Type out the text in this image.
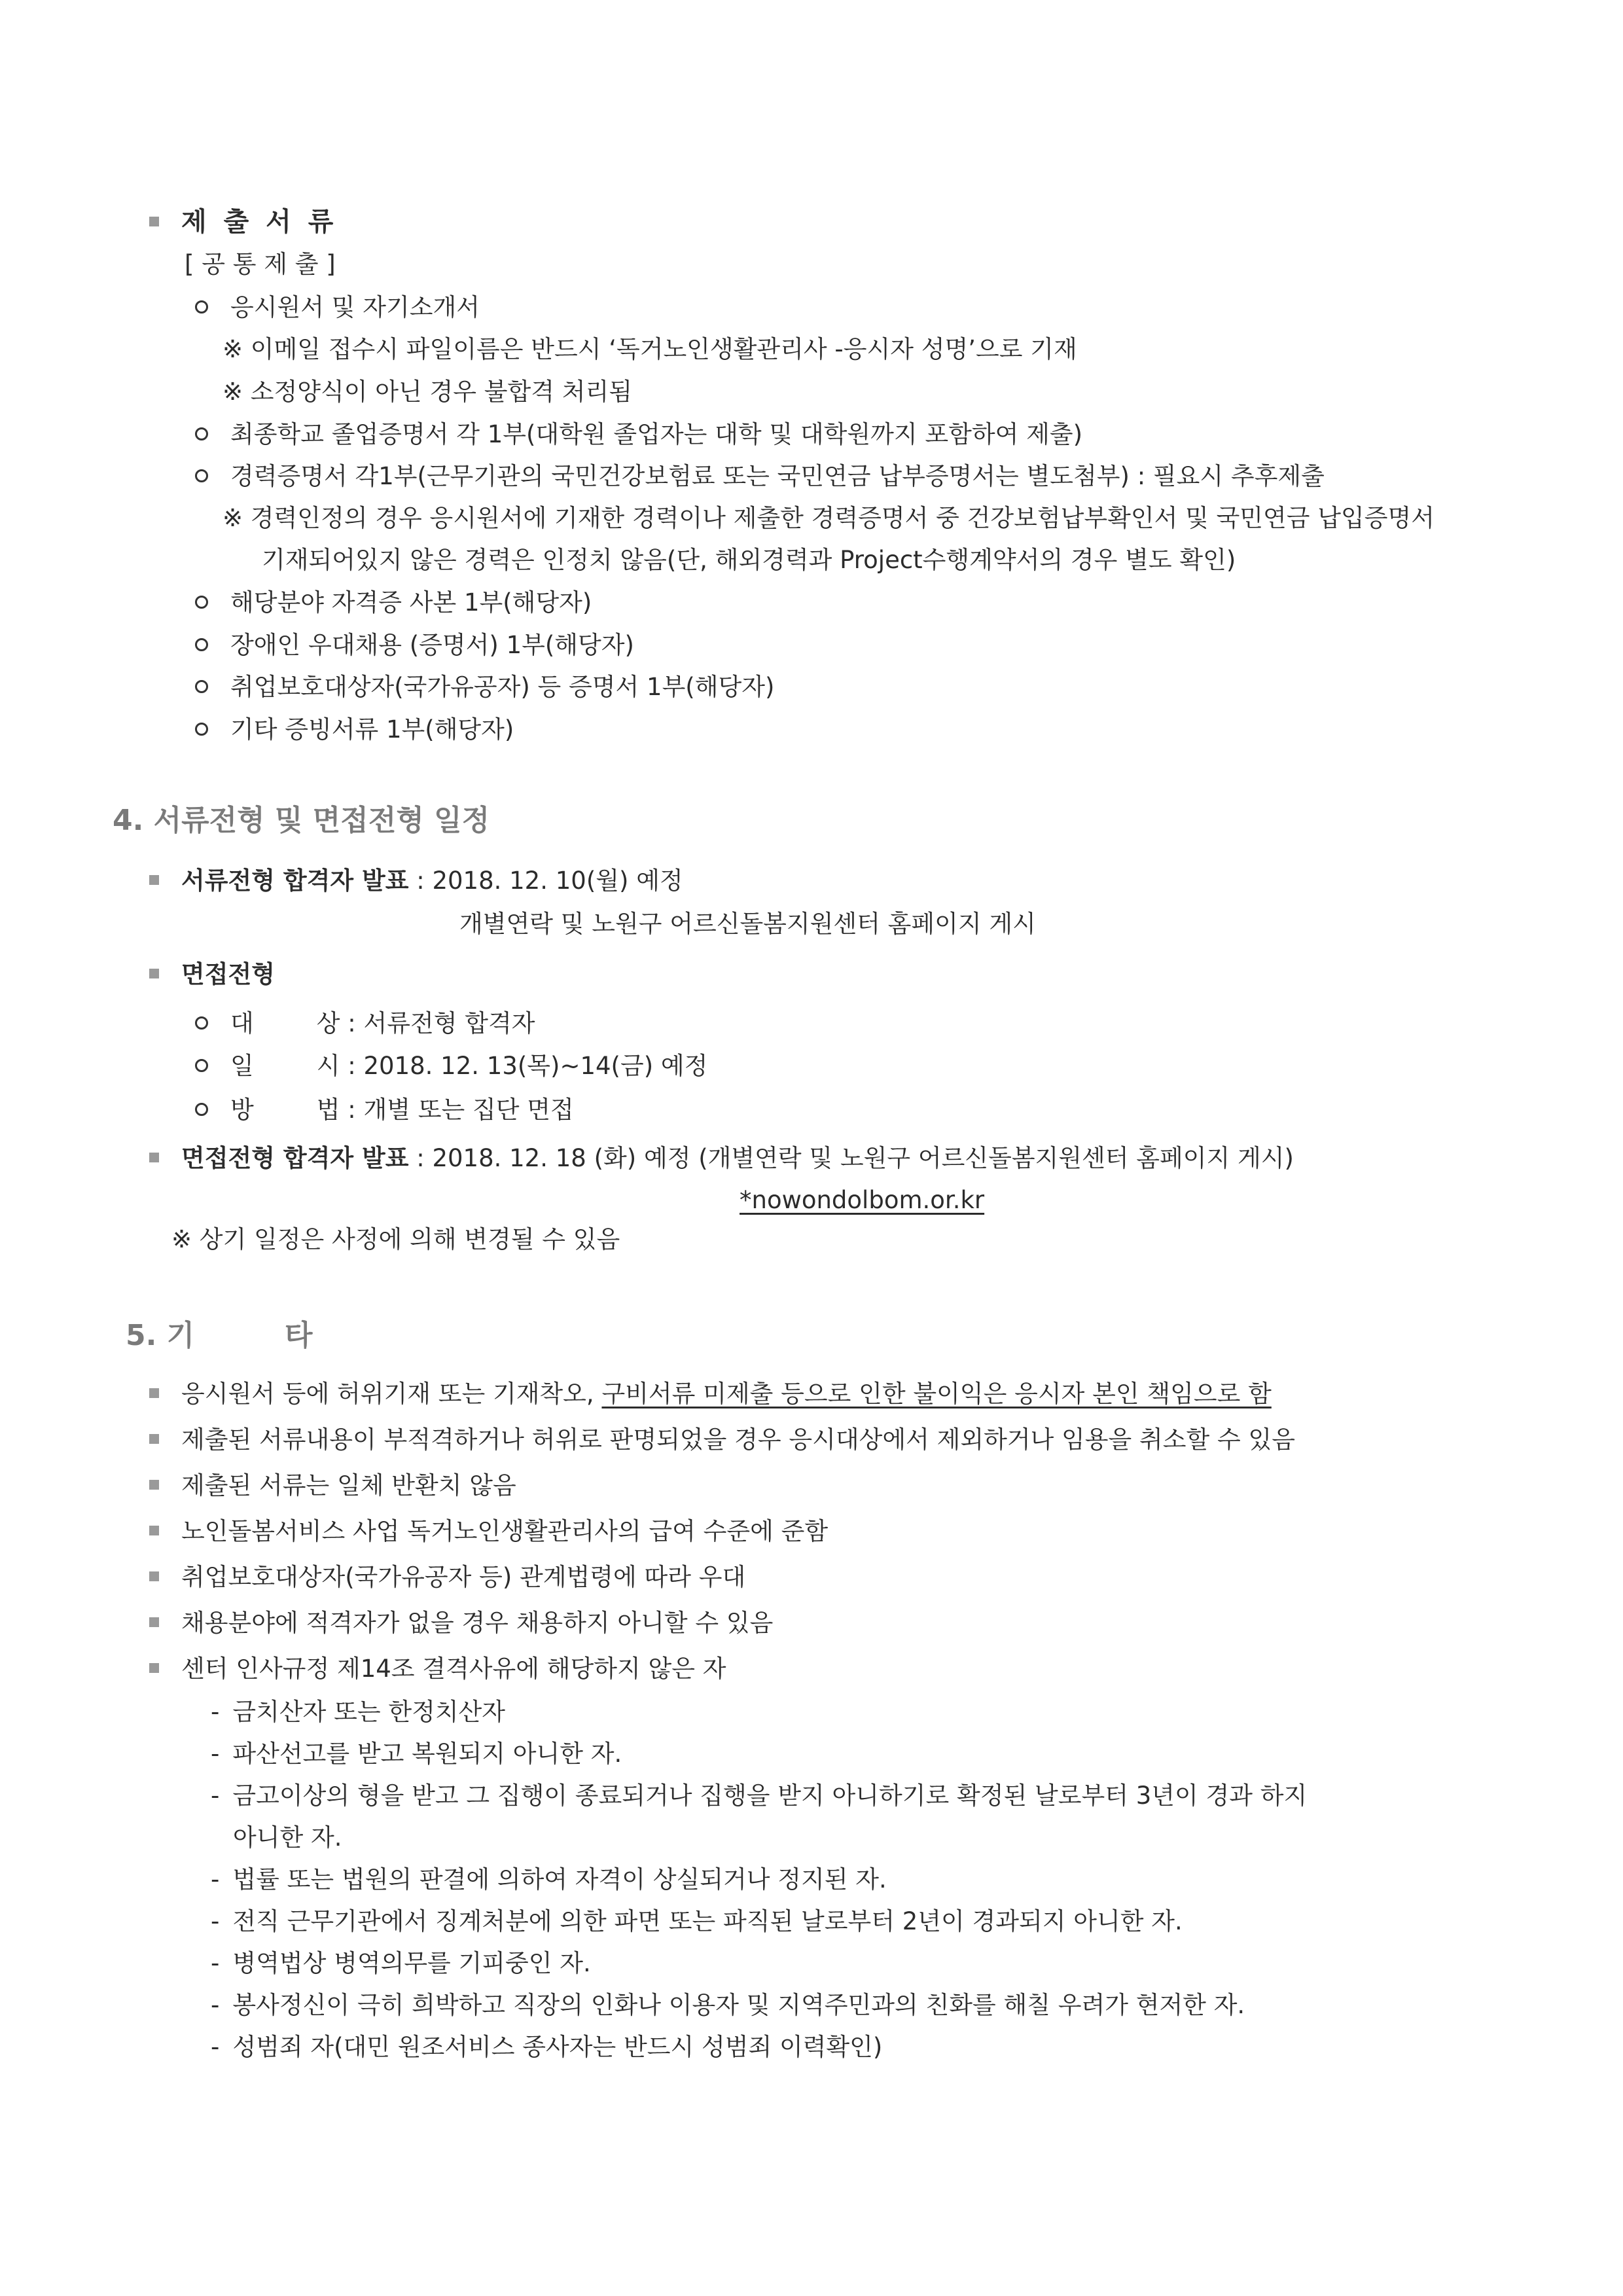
제 출 서 류
[ 공 통 제 출 ]
응시원서 및 자기소개서
※ 이메일 접수시 파일이름은 반드시 ‘독거노인생활관리사 -응시자 성명’으로 기재
※ 소정양식이 아닌 경우 불합격 처리됨
최종학교 졸업증명서 각 1부(대학원 졸업자는 대학 및 대학원까지 포함하여 제출)
경력증명서 각1부(근무기관의 국민건강보험료 또는 국민연금 납부증명서는 별도첨부) : 필요시 추후제출
※ 경력인정의 경우 응시원서에 기재한 경력이나 제출한 경력증명서 중 건강보험납부확인서 및 국민연금 납입증명서
기재되어있지 않은 경력은 인정치 않음(단, 해외경력과 Project수행계약서의 경우 별도 확인)
해당분야 자격증 사본 1부(해당자)
장애인 우대채용 (증명서) 1부(해당자)
취업보호대상자(국가유공자) 등 증명서 1부(해당자)
기타 증빙서류 1부(해당자)
4. 서류전형 및 면접전형 일정
서류전형 합격자 발표 : 2018. 12. 10(월) 예정
개별연락 및 노원구 어르신돌봄지원센터 홈페이지 게시
면접전형
대	상 : 서류전형 합격자
일	시 : 2018. 12. 13(목)~14(금) 예정
방	법 : 개별 또는 집단 면접
면접전형 합격자 발표 : 2018. 12. 18 (화) 예정 (개별연락 및 노원구 어르신돌봄지원센터 홈페이지 게시)
*nowondolbom.or.kr
※ 상기 일정은 사정에 의해 변경될 수 있음
5. 기         타
응시원서 등에 허위기재 또는 기재착오, 구비서류 미제출 등으로 인한 불이익은 응시자 본인 책임으로 함
제출된 서류내용이 부적격하거나 허위로 판명되었을 경우 응시대상에서 제외하거나 임용을 취소할 수 있음
제출된 서류는 일체 반환치 않음
노인돌봄서비스 사업 독거노인생활관리사의 급여 수준에 준함
취업보호대상자(국가유공자 등) 관계법령에 따라 우대
채용분야에 적격자가 없을 경우 채용하지 아니할 수 있음
센터 인사규정 제14조 결격사유에 해당하지 않은 자
- 금치산자 또는 한정치산자
- 파산선고를 받고 복원되지 아니한 자.
- 금고이상의 형을 받고 그 집행이 종료되거나 집행을 받지 아니하기로 확정된 날로부터 3년이 경과 하지
아니한 자.
- 법률 또는 법원의 판결에 의하여 자격이 상실되거나 정지된 자.
- 전직 근무기관에서 징계처분에 의한 파면 또는 파직된 날로부터 2년이 경과되지 아니한 자.
- 병역법상 병역의무를 기피중인 자.
- 봉사정신이 극히 희박하고 직장의 인화나 이용자 및 지역주민과의 친화를 해칠 우려가 현저한 자.
- 성범죄 자(대민 원조서비스 종사자는 반드시 성범죄 이력확인)
